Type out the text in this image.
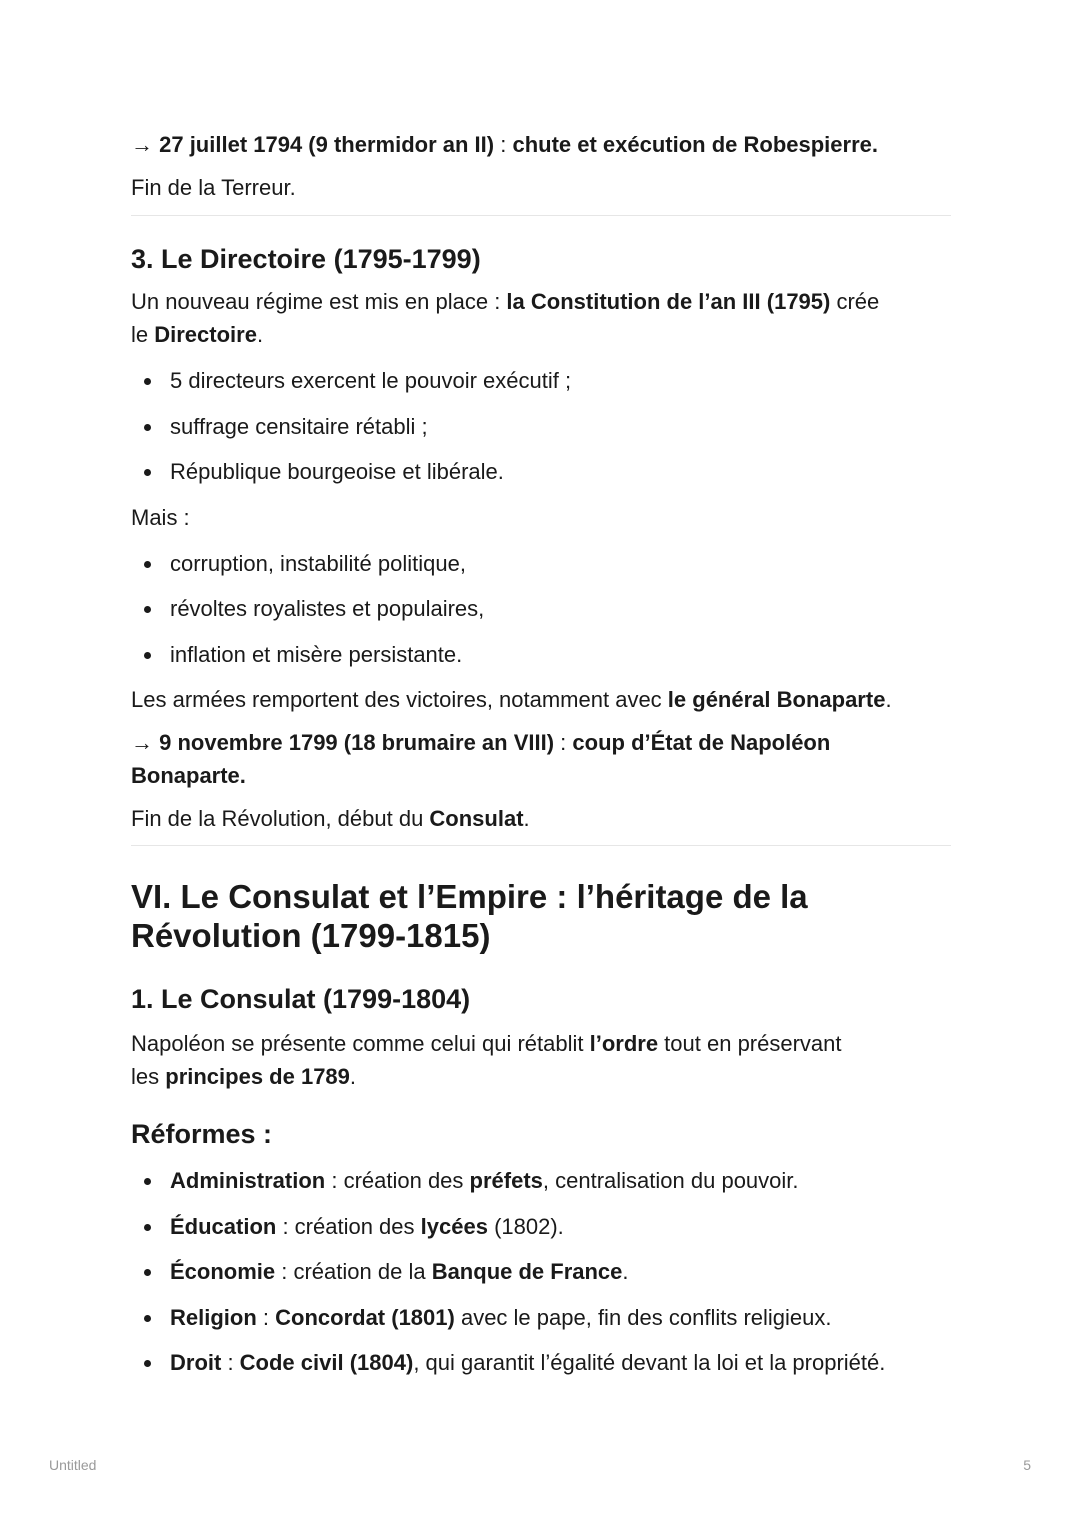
→ 27 juillet 1794 (9 thermidor an II) : chute et exécution de Robespierre.

Fin de la Terreur.

3. Le Directoire (1795-1799)

Un nouveau régime est mis en place : la Constitution de l’an III (1795) crée
le Directoire.

5 directeurs exercent le pouvoir exécutif ;
suffrage censitaire rétabli ;
République bourgeoise et libérale.

Mais :

corruption, instabilité politique,
révoltes royalistes et populaires,
inflation et misère persistante.

Les armées remportent des victoires, notamment avec le général Bonaparte.

→ 9 novembre 1799 (18 brumaire an VIII) : coup d’État de Napoléon
Bonaparte.

Fin de la Révolution, début du Consulat.

VI. Le Consulat et l’Empire : l’héritage de la
Révolution (1799-1815)
1. Le Consulat (1799-1804)

Napoléon se présente comme celui qui rétablit l’ordre tout en préservant
les principes de 1789.

Réformes :
Administration : création des préfets, centralisation du pouvoir.
Éducation : création des lycées (1802).
Économie : création de la Banque de France.
Religion : Concordat (1801) avec le pape, fin des conflits religieux.
Droit : Code civil (1804), qui garantit l’égalité devant la loi et la propriété.
Untitled	5
